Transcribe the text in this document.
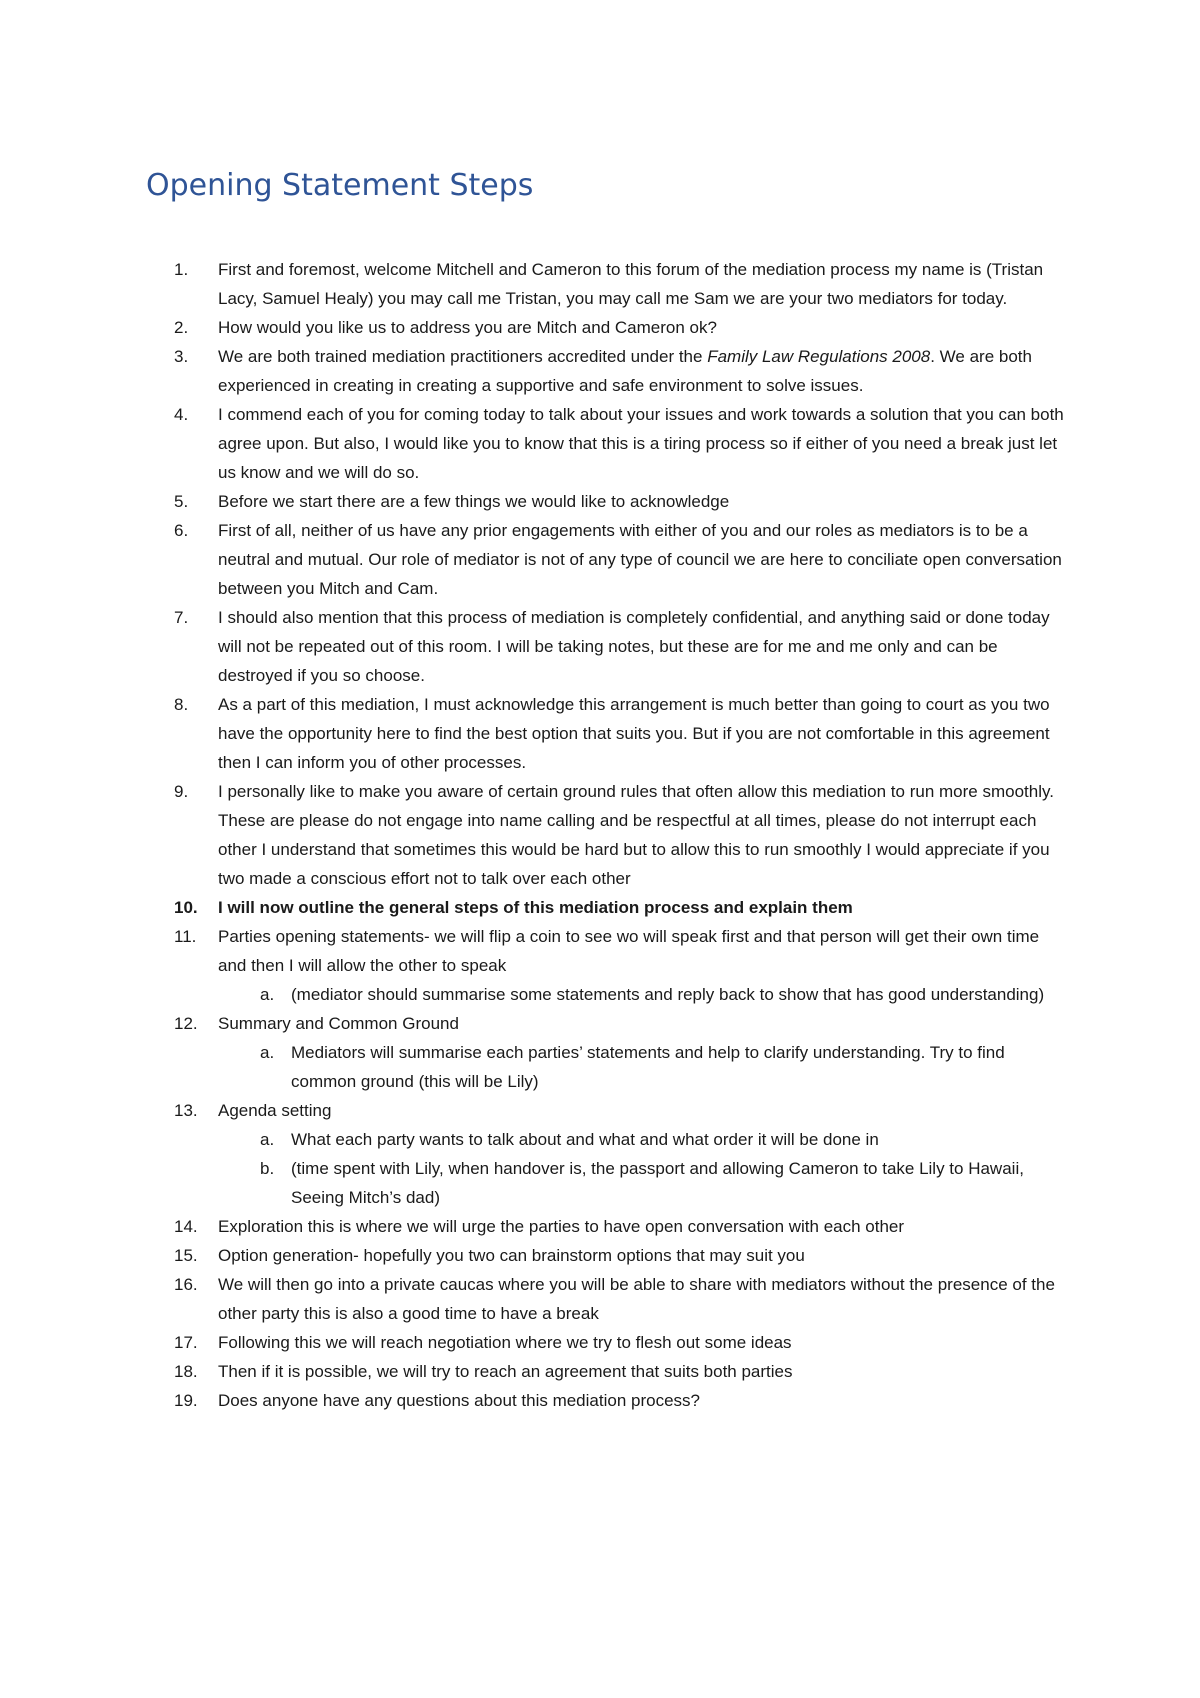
Opening Statement Steps
1.	First and foremost, welcome Mitchell and Cameron to this forum of the mediation process my name is (Tristan Lacy, Samuel Healy) you may call me Tristan, you may call me Sam we are your two mediators for today.
2.	How would you like us to address you are Mitch and Cameron ok?
3.	We are both trained mediation practitioners accredited under the Family Law Regulations 2008. We are both experienced in creating in creating a supportive and safe environment to solve issues.
4.	I commend each of you for coming today to talk about your issues and work towards a solution that you can both agree upon. But also, I would like you to know that this is a tiring process so if either of you need a break just let us know and we will do so.
5.	Before we start there are a few things we would like to acknowledge
6.	First of all, neither of us have any prior engagements with either of you and our roles as mediators is to be a neutral and mutual. Our role of mediator is not of any type of council we are here to conciliate open conversation between you Mitch and Cam.
7.	I should also mention that this process of mediation is completely confidential, and anything said or done today will not be repeated out of this room. I will be taking notes, but these are for me and me only and can be destroyed if you so choose.
8.	As a part of this mediation, I must acknowledge this arrangement is much better than going to court as you two have the opportunity here to find the best option that suits you. But if you are not comfortable in this agreement then I can inform you of other processes.
9.	I personally like to make you aware of certain ground rules that often allow this mediation to run more smoothly. These are please do not engage into name calling and be respectful at all times, please do not interrupt each other I understand that sometimes this would be hard but to allow this to run smoothly I would appreciate if you two made a conscious effort not to talk over each other
10.	I will now outline the general steps of this mediation process and explain them
11.	Parties opening statements- we will flip a coin to see wo will speak first and that person will get their own time and then I will allow the other to speak
a. (mediator should summarise some statements and reply back to show that has good understanding)
12.	Summary and Common Ground
a. Mediators will summarise each parties’ statements and help to clarify understanding. Try to find common ground (this will be Lily)
13.	Agenda setting
a. What each party wants to talk about and what and what order it will be done in
b. (time spent with Lily, when handover is, the passport and allowing Cameron to take Lily to Hawaii, Seeing Mitch’s dad)
14.	Exploration this is where we will urge the parties to have open conversation with each other
15.	Option generation- hopefully you two can brainstorm options that may suit you
16.	We will then go into a private caucas where you will be able to share with mediators without the presence of the other party this is also a good time to have a break
17.	Following this we will reach negotiation where we try to flesh out some ideas
18.	Then if it is possible, we will try to reach an agreement that suits both parties
19.	Does anyone have any questions about this mediation process?
